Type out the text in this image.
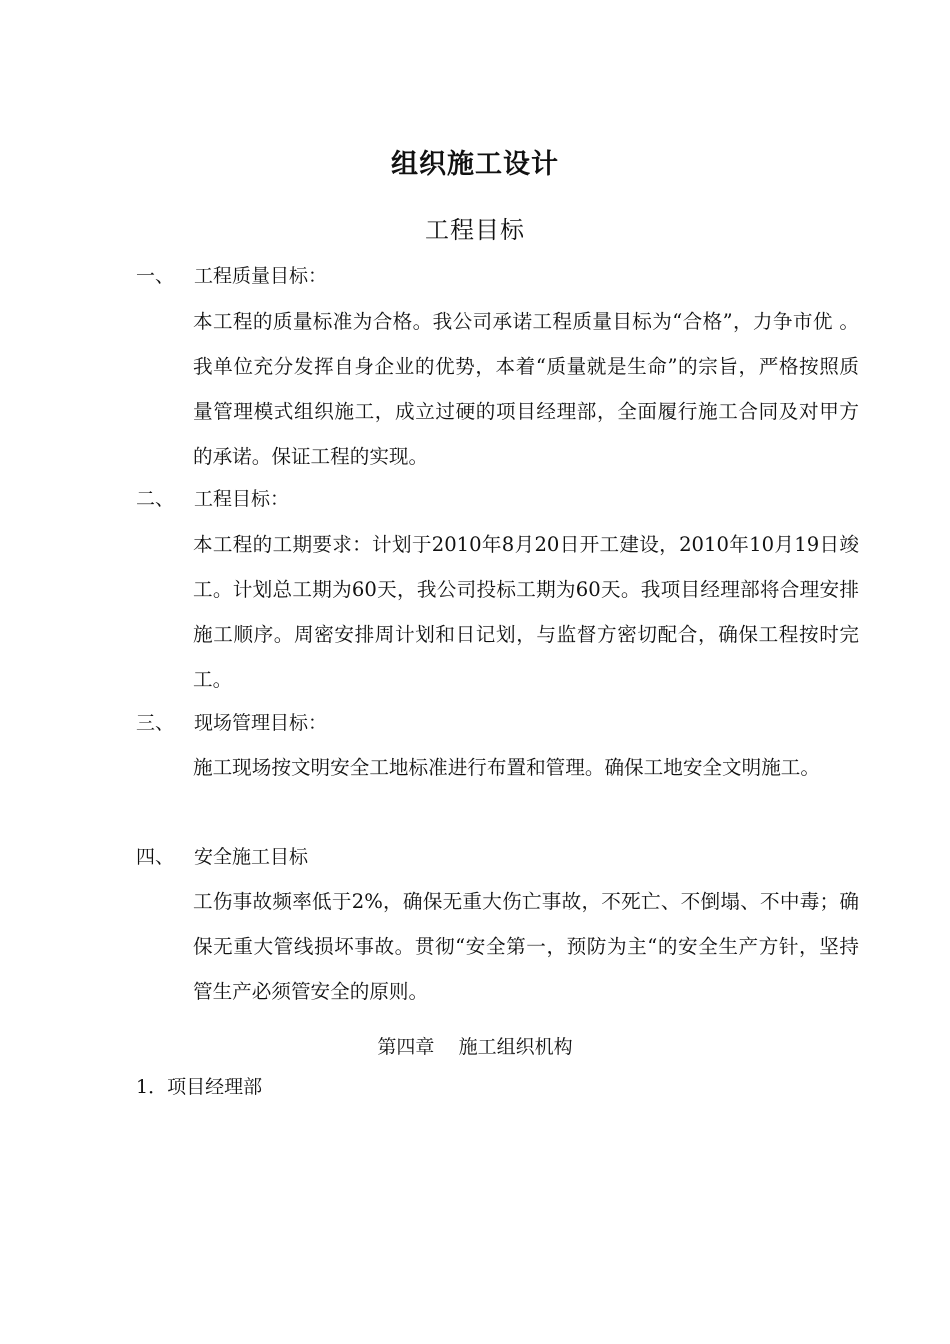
组织施工设计
工程目标
一、 工程质量目标：
本工程的质量标准为合格。我公司承诺工程质量目标为“合格”，力争市优 。我单位充分发挥自身企业的优势，本着“质量就是生命”的宗旨，严格按照质量管理模式组织施工，成立过硬的项目经理部，全面履行施工合同及对甲方的承诺。保证工程的实现。
二、 工程目标：
本工程的工期要求：计划于2010年8月20日开工建设，2010年10月19日竣工。计划总工期为60天，我公司投标工期为60天。我项目经理部将合理安排施工顺序。周密安排周计划和日记划，与监督方密切配合，确保工程按时完工。
三、 现场管理目标：
施工现场按文明安全工地标准进行布置和管理。确保工地安全文明施工。
四、 安全施工目标
工伤事故频率低于2%，确保无重大伤亡事故，不死亡、不倒塌、不中毒；确保无重大管线损坏事故。贯彻“安全第一，预防为主“的安全生产方针，坚持管生产必须管安全的原则。
第四章    施工组织机构
1．项目经理部
